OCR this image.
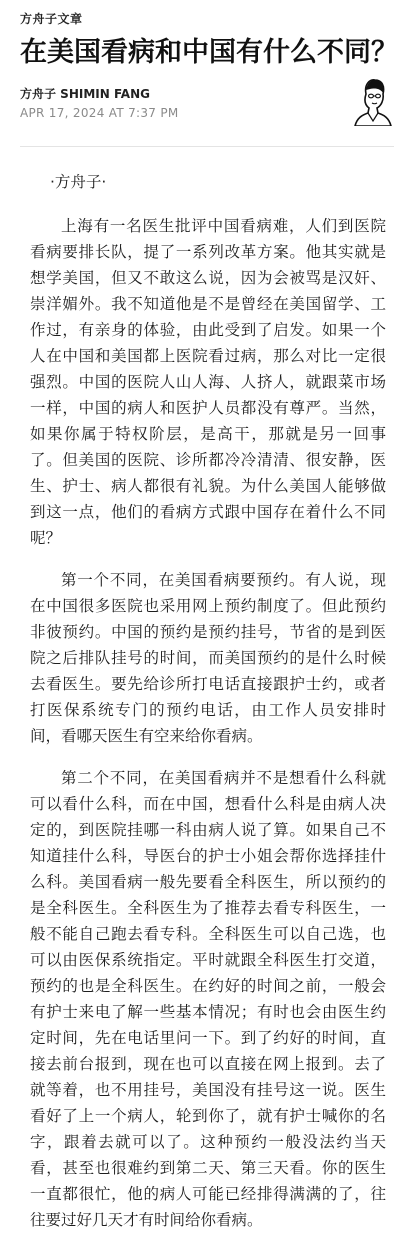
方舟子文章
在美国看病和中国有什么不同？
方舟子 SHIMIN FANG
APR 17, 2024 AT 7:37 PM

·方舟子·

上海有一名医生批评中国看病难，人们到医院看病要排长队，提了一系列改革方案。他其实就是想学美国，但又不敢这么说，因为会被骂是汉奸、崇洋媚外。我不知道他是不是曾经在美国留学、工作过，有亲身的体验，由此受到了启发。如果一个人在中国和美国都上医院看过病，那么对比一定很强烈。中国的医院人山人海、人挤人，就跟菜市场一样，中国的病人和医护人员都没有尊严。当然，如果你属于特权阶层，是高干，那就是另一回事了。但美国的医院、诊所都冷冷清清、很安静，医生、护士、病人都很有礼貌。为什么美国人能够做到这一点，他们的看病方式跟中国存在着什么不同呢？

第一个不同，在美国看病要预约。有人说，现在中国很多医院也采用网上预约制度了。但此预约非彼预约。中国的预约是预约挂号，节省的是到医院之后排队挂号的时间，而美国预约的是什么时候去看医生。要先给诊所打电话直接跟护士约，或者打医保系统专门的预约电话，由工作人员安排时间，看哪天医生有空来给你看病。

第二个不同，在美国看病并不是想看什么科就可以看什么科，而在中国，想看什么科是由病人决定的，到医院挂哪一科由病人说了算。如果自己不知道挂什么科，导医台的护士小姐会帮你选择挂什么科。美国看病一般先要看全科医生，所以预约的是全科医生。全科医生为了推荐去看专科医生，一般不能自己跑去看专科。全科医生可以自己选，也可以由医保系统指定。平时就跟全科医生打交道，预约的也是全科医生。在约好的时间之前，一般会有护士来电了解一些基本情况；有时也会由医生约定时间，先在电话里问一下。到了约好的时间，直接去前台报到，现在也可以直接在网上报到。去了就等着，也不用挂号，美国没有挂号这一说。医生看好了上一个病人，轮到你了，就有护士喊你的名字，跟着去就可以了。这种预约一般没法约当天看，甚至也很难约到第二天、第三天看。你的医生一直都很忙，他的病人可能已经排得满满的了，往往要过好几天才有时间给你看病。
